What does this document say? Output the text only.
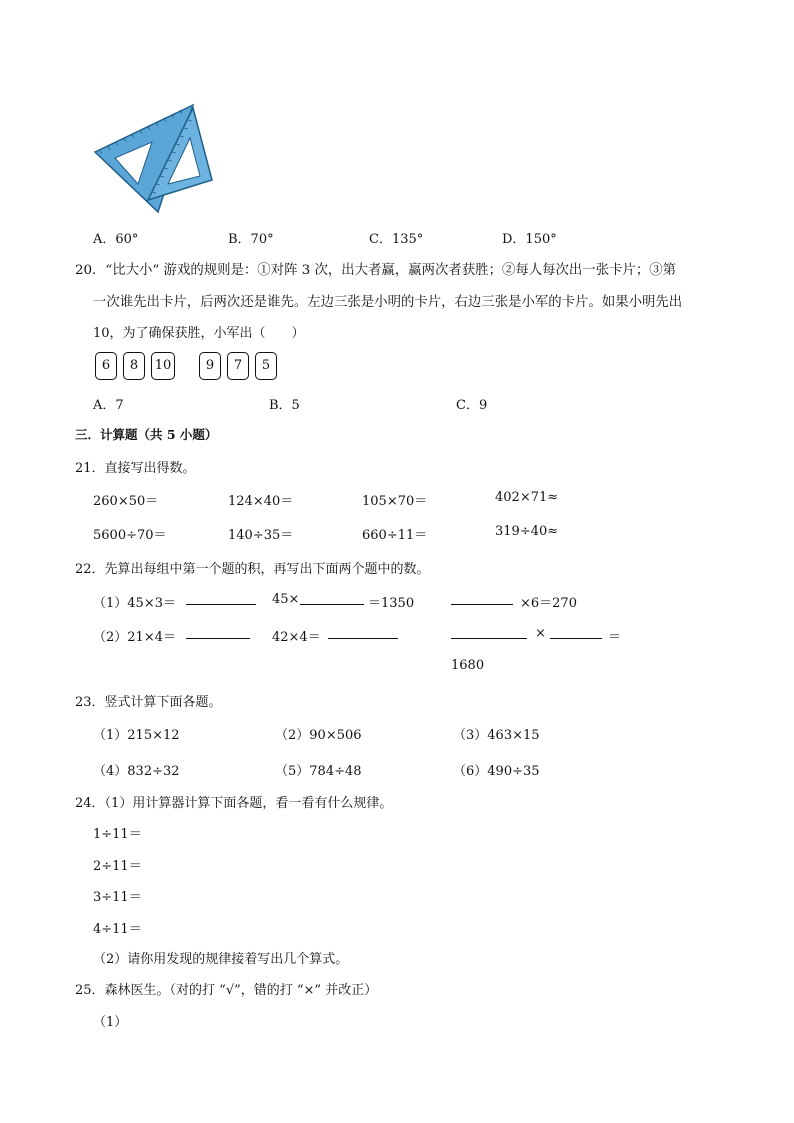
A．60°	B．70°	C．135°	D．150°
20．“比大小” 游戏的规则是：①对阵 3 次，出大者赢，赢两次者获胜；②每人每次出一张卡片；③第
一次谁先出卡片，后两次还是谁先。左边三张是小明的卡片，右边三张是小军的卡片。如果小明先出
10，为了确保获胜，小军出（　　）
6	8	10	9	7	5
A．7	B．5	C．9
三．计算题（共 5 小题）
21．直接写出得数。
260×50＝	124×40＝	105×70＝	402×71≈
5600÷70＝	140÷35＝	660÷11＝	319÷40≈
22．先算出每组中第一个题的积，再写出下面两个题中的数。
（1）45×3＝	45×	＝1350	×6＝270
（2）21×4＝	42×4＝	×	＝
1680
23．竖式计算下面各题。
（1）215×12	（2）90×506	（3）463×15
（4）832÷32	（5）784÷48	（6）490÷35
24．（1）用计算器计算下面各题，看一看有什么规律。
1÷11＝
2÷11＝
3÷11＝
4÷11＝
（2）请你用发现的规律接着写出几个算式。
25．森林医生。（对的打 “√”，错的打 “×” 并改正）
（1）
